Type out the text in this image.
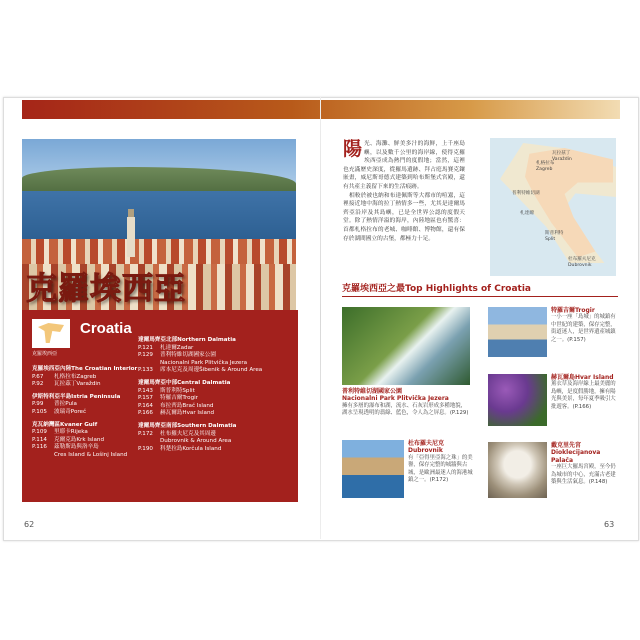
克羅埃西亞
克羅埃西亞
Croatia
克羅埃西亞內陸The Croatian Interior
P.67	札格拉布Zagreb
P.92	瓦拉茲丁Varaždin
伊斯特利亞半島Istria Peninsula
P.99	普拉Pula
P.105	波瑞奇Poreč
克瓦納灣區Kvaner Gulf
P.109	里耶卡Rijeka
P.114	克爾克島Krk Island
P.116	茲勒斯島與洛辛島
Cres Island & Lošinj Island
達爾馬齊亞北部Northern Dalmatia
P.121	札達爾Zadar
P.129	普利特維切湖國家公園
Nacionalni Park Plitvička Jezera
P.133	席本尼克及周邊Šibenik & Around Area
達爾馬齊亞中部Central Dalmatia
P.143	斯普利特Split
P.157	特羅吉爾Trogir
P.164	布拉齊島Brač Island
P.166	赫瓦爾島Hvar Island
達爾馬齊亞南部Southern Dalmatia
P.172	杜布羅夫尼克及其周邊
Dubrovnik & Around Area
P.190	科楚拉島Korčula Island
62

陽光、海灘、鮮美多汁的海鮮，上千座島嶼，以及數千公里的海岸線，使得克羅埃西亞成為熱門的度假地；當然，這裡也充滿歷史深度，從羅馬遺跡、拜占庭馬賽克鑲嵌畫，威尼斯哥德式建築到哈布斯堡式宮殿，還有共產主義留下來的生活痕跡。

相較於被也納和布達佩斯等大都市的喧囂，這裡接近地中海的拉丁熱情多一些，尤其是達爾馬齊亞沿岸及其島嶼，已是全世界公認的度假天堂。除了熱情洋溢的海岸，內陸地區也有驚喜：首都札格拉布的老城、咖啡館、博物館，還有保存於湖間國立的古堡，都極力十足。

瓦拉茲丁
札格拉布
Varaždin
Zagreb
普利特維切湖
札達爾
斯普利特
Split
杜布羅夫尼克
Dubrovnik
克羅埃西亞之最Top Highlights of Croatia
普利特維切湖國家公園
Nacionalni Park Plitvička Jezera
擁有多層的瀑布和湖，流水、石灰岩形成多種地貌，湖水呈現透明的翡綠、藍色，令人為之屏息。(P.129)
特羅吉爾Trogir
一小一座「島城」的城鎮有中世紀的建築，保存完整，街道迷人，是世界遺產城鎮之一。(P.157)
赫瓦爾島Hvar Island
薰衣草及海岸線上最美麗的島嶼，是度假勝地，擁有陽光與美景，每年夏季吸引大批遊客。(P.166)
杜布羅夫尼克Dubrovnik
有「亞得里亞海之珠」的美譽，保存完整的城牆與古城，是歐洲最迷人的海港城鎮之一。(P.172)
戴克里先宮
Dioklecijanova Palača
一座巨大羅馬宮殿，至今仍為城市的中心，充滿古老建築與生活氣息。(P.148)
63
